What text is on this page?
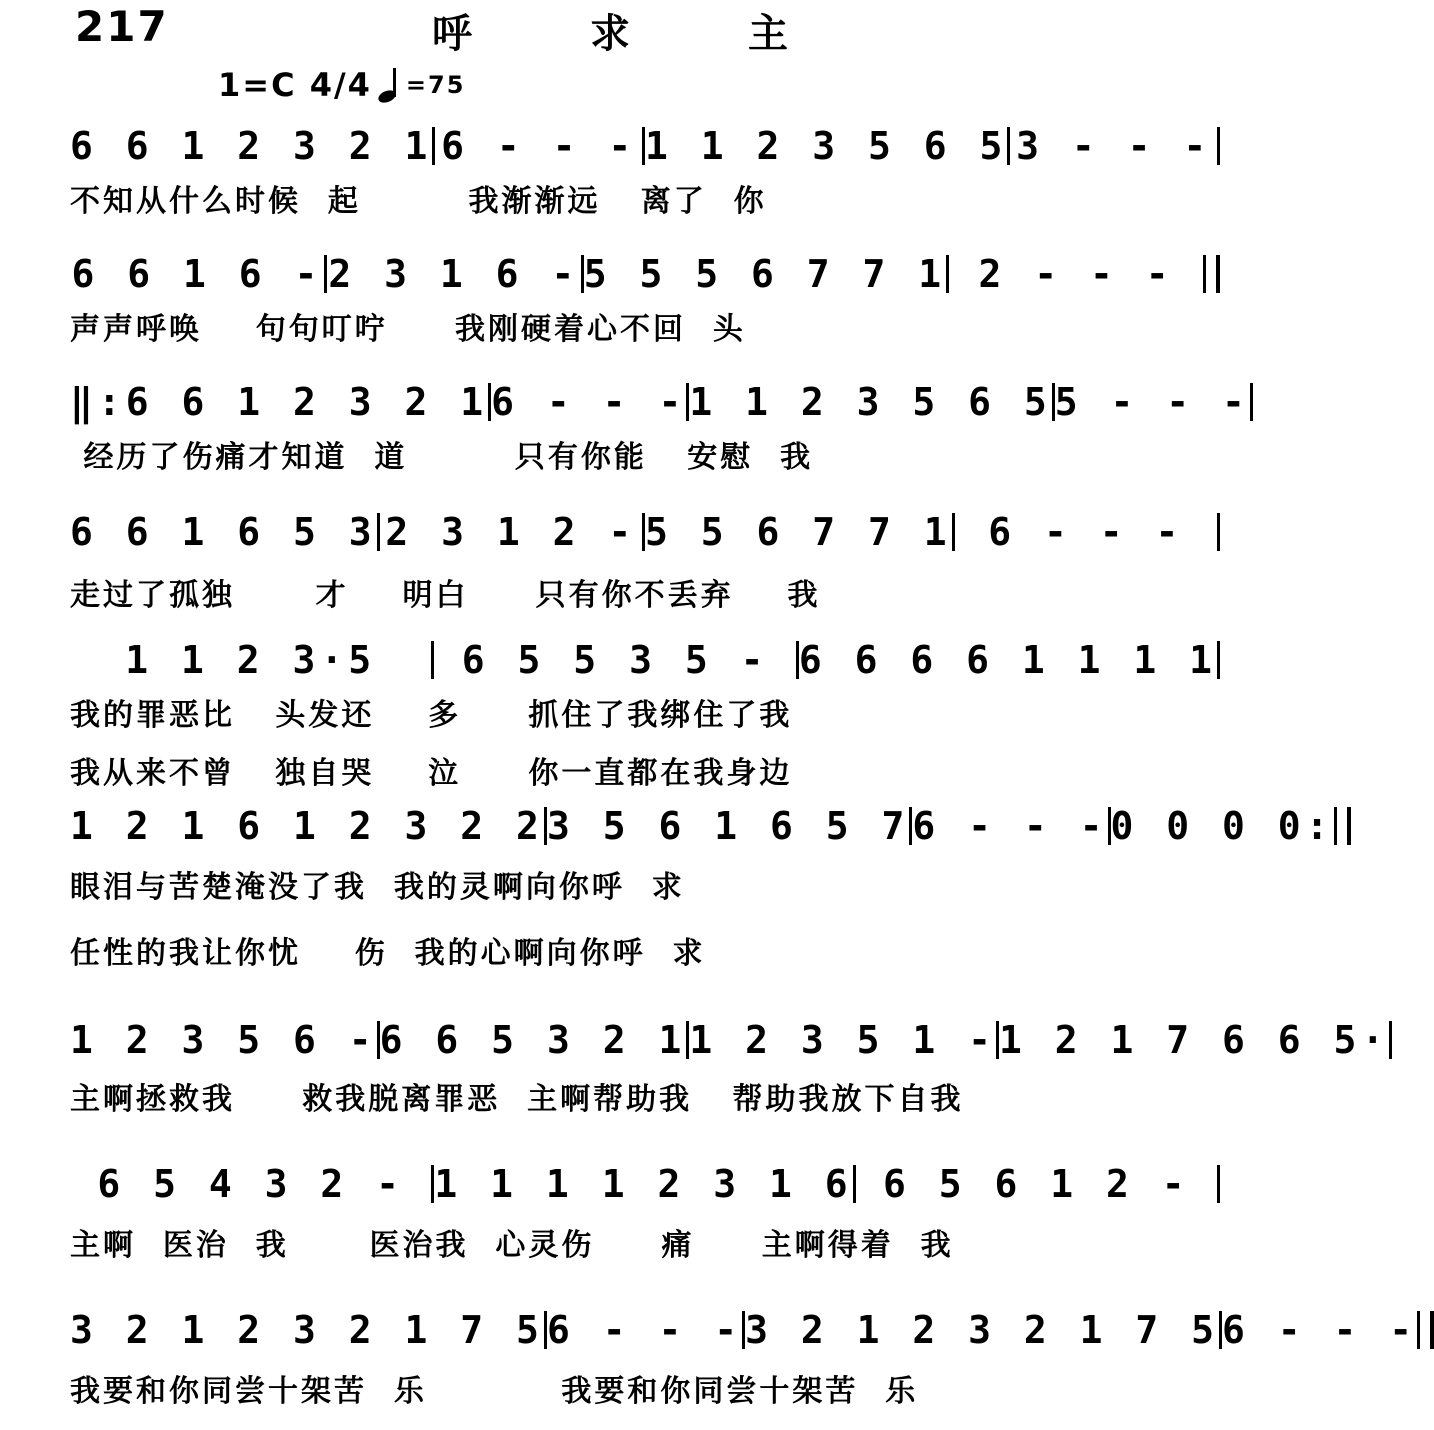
217	呼求主
1=C 4/4 =75
6 6 1 2 3 2 1 6 - - - 1 1 2 3 5 6 5 3 - - -
不知从什么时候  起        我渐渐远   离了  你
6 6 1 6 - 2 3 1 6 - 5 5 5 6 7 7 1 2 - - -
声声呼唤    句句叮咛     我刚硬着心不回  头
‖:6 6 1 2 3 2 1 6 - - - 1 1 2 3 5 6 5 5 - - -
经历了伤痛才知道  道        只有你能   安慰  我
6 6 1 6 5 3 2 3 1 2 - 5 5 6 7 7 1 6 - - -
走过了孤独      才    明白     只有你不丢弃    我
1 1 2 3·5	6 5 5 3 5 - 6 6 6 6 1 1 1 1
我的罪恶比   头发还    多     抓住了我绑住了我
我从来不曾   独自哭    泣     你一直都在我身边
1 2 1 6 1 2 3 2 2 3 5 6 1 6 5 7 6 - - - 0 0 0 0:
眼泪与苦楚淹没了我  我的灵啊向你呼  求
任性的我让你忧    伤  我的心啊向你呼  求
1 2 3 5 6 - 6 6 5 3 2 1 1 2 3 5 1 - 1 2 1 7 6 6 5·
主啊拯救我     救我脱离罪恶  主啊帮助我   帮助我放下自我
6 5 4 3 2 - 1 1 1 1 2 3 1 6 6 5 6 1 2 -
主啊  医治  我      医治我  心灵伤     痛     主啊得着  我
3 2 1 2 3 2 1 7 5 6 - - - 3 2 1 2 3 2 1 7 5 6 - - -
我要和你同尝十架苦  乐          我要和你同尝十架苦  乐
